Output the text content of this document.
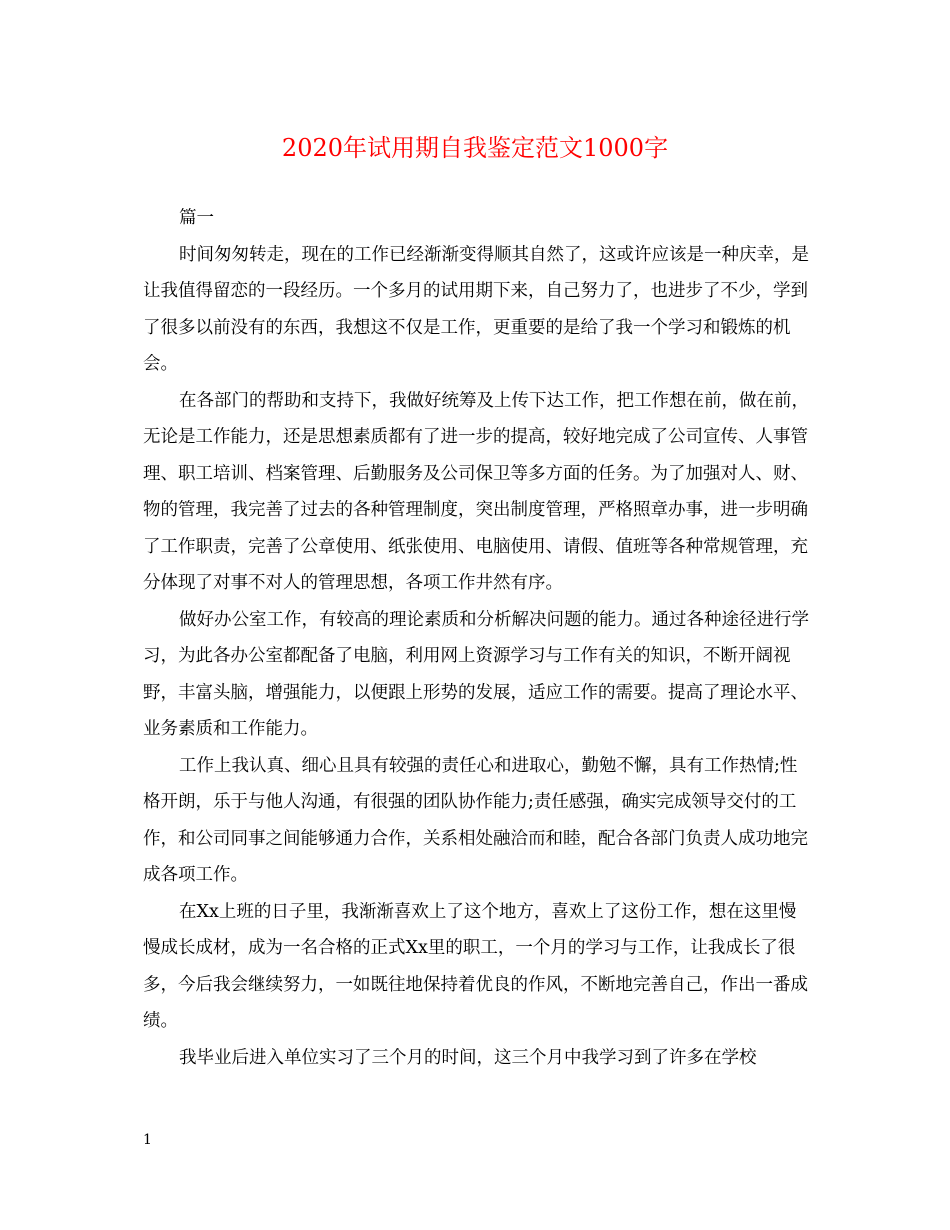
2020年试用期自我鉴定范文1000字

篇一

时间匆匆转走，现在的工作已经渐渐变得顺其自然了，这或许应该是一种庆幸，是让我值得留恋的一段经历。一个多月的试用期下来，自己努力了，也进步了不少，学到了很多以前没有的东西，我想这不仅是工作，更重要的是给了我一个学习和锻炼的机会。

在各部门的帮助和支持下，我做好统筹及上传下达工作，把工作想在前，做在前，无论是工作能力，还是思想素质都有了进一步的提高，较好地完成了公司宣传、人事管理、职工培训、档案管理、后勤服务及公司保卫等多方面的任务。为了加强对人、财、物的管理，我完善了过去的各种管理制度，突出制度管理，严格照章办事，进一步明确了工作职责，完善了公章使用、纸张使用、电脑使用、请假、值班等各种常规管理，充分体现了对事不对人的管理思想，各项工作井然有序。

做好办公室工作，有较高的理论素质和分析解决问题的能力。通过各种途径进行学习，为此各办公室都配备了电脑，利用网上资源学习与工作有关的知识，不断开阔视野，丰富头脑，增强能力，以便跟上形势的发展，适应工作的需要。提高了理论水平、业务素质和工作能力。

工作上我认真、细心且具有较强的责任心和进取心，勤勉不懈，具有工作热情;性格开朗，乐于与他人沟通，有很强的团队协作能力;责任感强，确实完成领导交付的工作，和公司同事之间能够通力合作，关系相处融洽而和睦，配合各部门负责人成功地完成各项工作。

在Xx上班的日子里，我渐渐喜欢上了这个地方，喜欢上了这份工作，想在这里慢慢成长成材，成为一名合格的正式Xx里的职工，一个月的学习与工作，让我成长了很多，今后我会继续努力，一如既往地保持着优良的作风，不断地完善自己，作出一番成绩。

我毕业后进入单位实习了三个月的时间，这三个月中我学习到了许多在学校

1
